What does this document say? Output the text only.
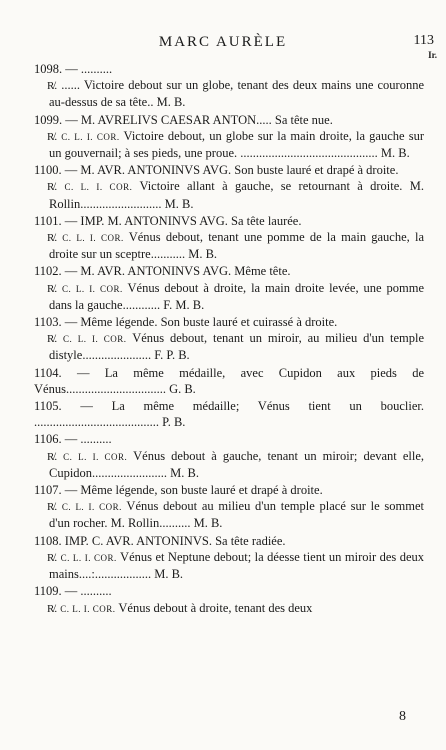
MARC AURÈLE	113
Ir.
1098. — ..........
R̸. ...... Victoire debout sur un globe, tenant des deux mains une couronne au-dessus de sa tête.. M. B.
1099. — M. AVRELIVS CAESAR ANTON..... Sa tête nue.
R̸. C. L. I. COR. Victoire debout, un globe sur la main droite, la gauche sur un gouvernail; à ses pieds, une proue. ............................................ M. B.
1100. — M. AVR. ANTONINVS AVG. Son buste lauré et drapé à droite.
R̸. C. L. I. COR. Victoire allant à gauche, se retournant à droite. M. Rollin.......................... M. B.
1101. — IMP. M. ANTONINVS AVG. Sa tête laurée.
R̸. C. L. I. COR. Vénus debout, tenant une pomme de la main gauche, la droite sur un sceptre........... M. B.
1102. — M. AVR. ANTONINVS AVG. Même tête.
R̸. C. L. I. COR. Vénus debout à droite, la main droite levée, une pomme dans la gauche............ F. M. B.
1103. — Même légende. Son buste lauré et cuirassé à droite.
R̸. C. L. I. COR. Vénus debout, tenant un miroir, au milieu d'un temple distyle...................... F. P. B.
1104. — La même médaille, avec Cupidon aux pieds de Vénus................................ G. B.
1105. — La même médaille; Vénus tient un bouclier. ........................................ P. B.
1106. — ..........
R̸. C. L. I. COR. Vénus debout à gauche, tenant un miroir; devant elle, Cupidon........................ M. B.
1107. — Même légende, son buste lauré et drapé à droite.
R̸. C. L. I. COR. Vénus debout au milieu d'un temple placé sur le sommet d'un rocher. M. Rollin.......... M. B.
1108. IMP. C. AVR. ANTONINVS. Sa tête radiée.
R̸. C. L. I. COR. Vénus et Neptune debout; la déesse tient un miroir des deux mains....:.................. M. B.
1109. — ..........
R̸. C. L. I. COR. Vénus debout à droite, tenant des deux
8
